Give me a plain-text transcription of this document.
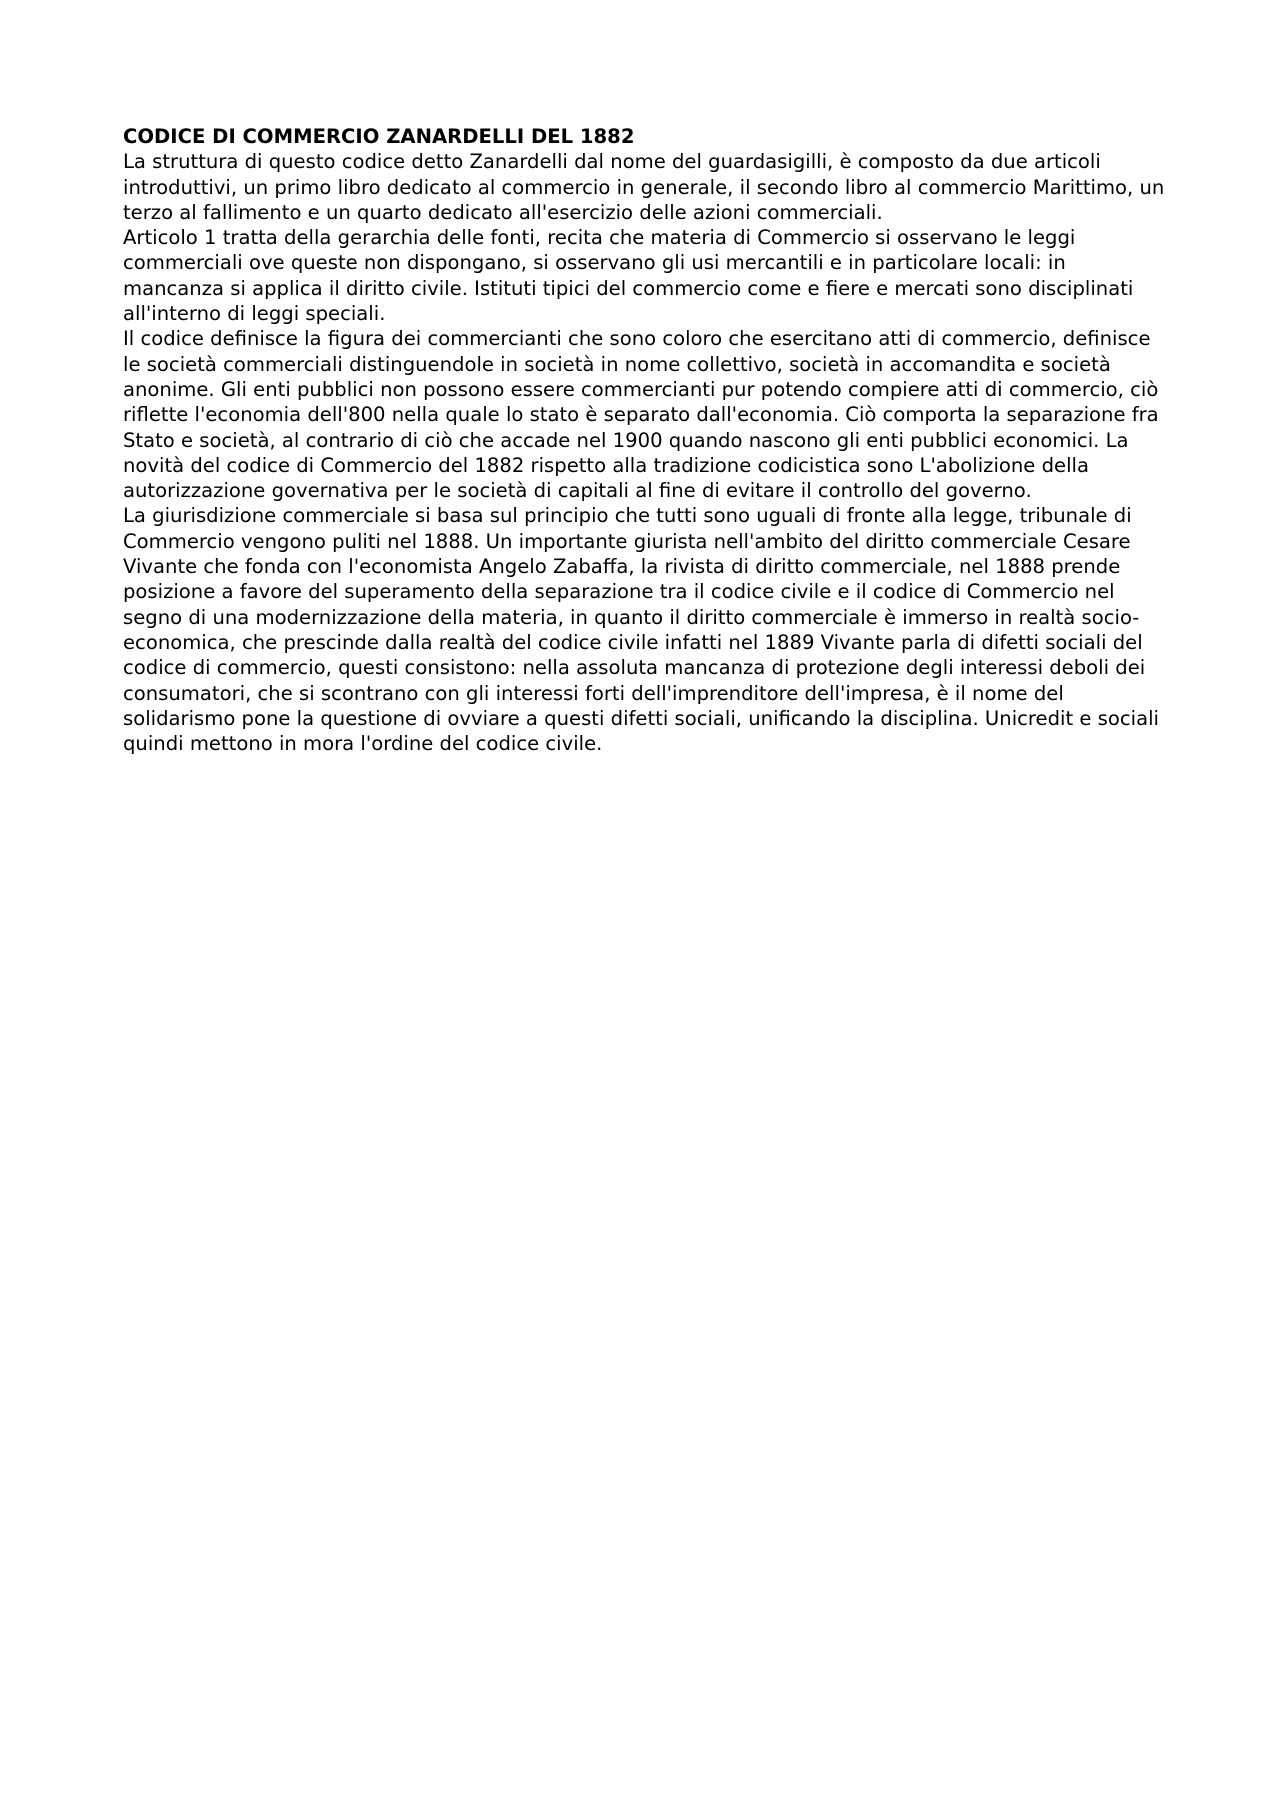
CODICE DI COMMERCIO ZANARDELLI DEL 1882

La struttura di questo codice detto Zanardelli dal nome del guardasigilli, è composto da due articoli introduttivi, un primo libro dedicato al commercio in generale, il secondo libro al commercio Marittimo, un terzo al fallimento e un quarto dedicato all'esercizio delle azioni commerciali.

Articolo 1 tratta della gerarchia delle fonti, recita che materia di Commercio si osservano le leggi commerciali ove queste non dispongano, si osservano gli usi mercantili e in particolare locali: in mancanza si applica il diritto civile. Istituti tipici del commercio come e fiere e mercati sono disciplinati all'interno di leggi speciali.

Il codice definisce la figura dei commercianti che sono coloro che esercitano atti di commercio, definisce le società commerciali distinguendole in società in nome collettivo, società in accomandita e società anonime. Gli enti pubblici non possono essere commercianti pur potendo compiere atti di commercio, ciò riflette l'economia dell'800 nella quale lo stato è separato dall'economia. Ciò comporta la separazione fra Stato e società, al contrario di ciò che accade nel 1900 quando nascono gli enti pubblici economici. La novità del codice di Commercio del 1882 rispetto alla tradizione codicistica sono L'abolizione della autorizzazione governativa per le società di capitali al fine di evitare il controllo del governo.

La giurisdizione commerciale si basa sul principio che tutti sono uguali di fronte alla legge, tribunale di Commercio vengono puliti nel 1888. Un importante giurista nell'ambito del diritto commerciale Cesare Vivante che fonda con l'economista Angelo Zabaffa, la rivista di diritto commerciale, nel 1888 prende posizione a favore del superamento della separazione tra il codice civile e il codice di Commercio nel segno di una modernizzazione della materia, in quanto il diritto commerciale è immerso in realtà socio-economica, che prescinde dalla realtà del codice civile infatti nel 1889 Vivante parla di difetti sociali del codice di commercio, questi consistono: nella assoluta mancanza di protezione degli interessi deboli dei consumatori, che si scontrano con gli interessi forti dell'imprenditore dell'impresa, è il nome del solidarismo pone la questione di ovviare a questi difetti sociali, unificando la disciplina. Unicredit e sociali quindi mettono in mora l'ordine del codice civile.
